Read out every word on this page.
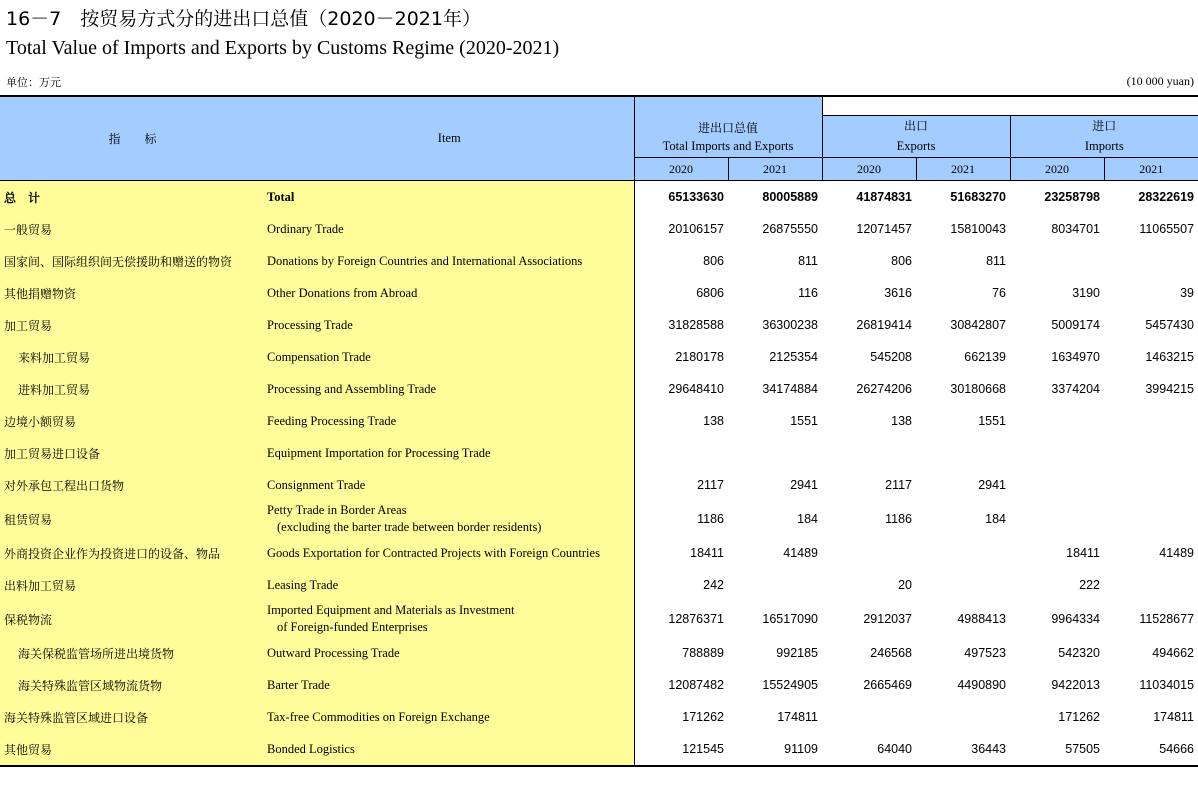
16－7　按贸易方式分的进出口总值（2020－2021年）
Total Value of Imports and Exports by Customs Regime (2020-2021)
单位：万元	(10 000 yuan)
指　　标	Item	进出口总值					
				出口		进口	
		Total Imports and Exports		Exports		Imports	
		2020	2021	2020	2021	2020	2021
总　计	Total	65133630	80005889	41874831	51683270	23258798	28322619
一般贸易	Ordinary Trade	20106157	26875550	12071457	15810043	8034701	11065507
国家间、国际组织间无偿援助和赠送的物资	Donations by Foreign Countries and International Associations	806	811	806	811		
其他捐赠物资	Other Donations from Abroad	6806	116	3616	76	3190	39
加工贸易	Processing Trade	31828588	36300238	26819414	30842807	5009174	5457430
来料加工贸易	Compensation Trade	2180178	2125354	545208	662139	1634970	1463215
进料加工贸易	Processing and Assembling Trade	29648410	34174884	26274206	30180668	3374204	3994215
边境小额贸易	Feeding Processing Trade	138	1551	138	1551		
加工贸易进口设备	Equipment Importation for Processing Trade						
对外承包工程出口货物	Consignment Trade	2117	2941	2117	2941		
租赁贸易	Petty Trade in Border Areas
(excluding the barter trade between border residents)	1186	184	1186	184		
外商投资企业作为投资进口的设备、物品	Goods Exportation for Contracted Projects with Foreign Countries	18411	41489			18411	41489
出料加工贸易	Leasing Trade	242		20		222	
保税物流	Imported Equipment and Materials as Investment
of Foreign-funded Enterprises	12876371	16517090	2912037	4988413	9964334	11528677
海关保税监管场所进出境货物	Outward Processing Trade	788889	992185	246568	497523	542320	494662
海关特殊监管区域物流货物	Barter Trade	12087482	15524905	2665469	4490890	9422013	11034015
海关特殊监管区域进口设备	Tax-free Commodities on Foreign Exchange	171262	174811			171262	174811
其他贸易	Bonded Logistics	121545	91109	64040	36443	57505	54666
